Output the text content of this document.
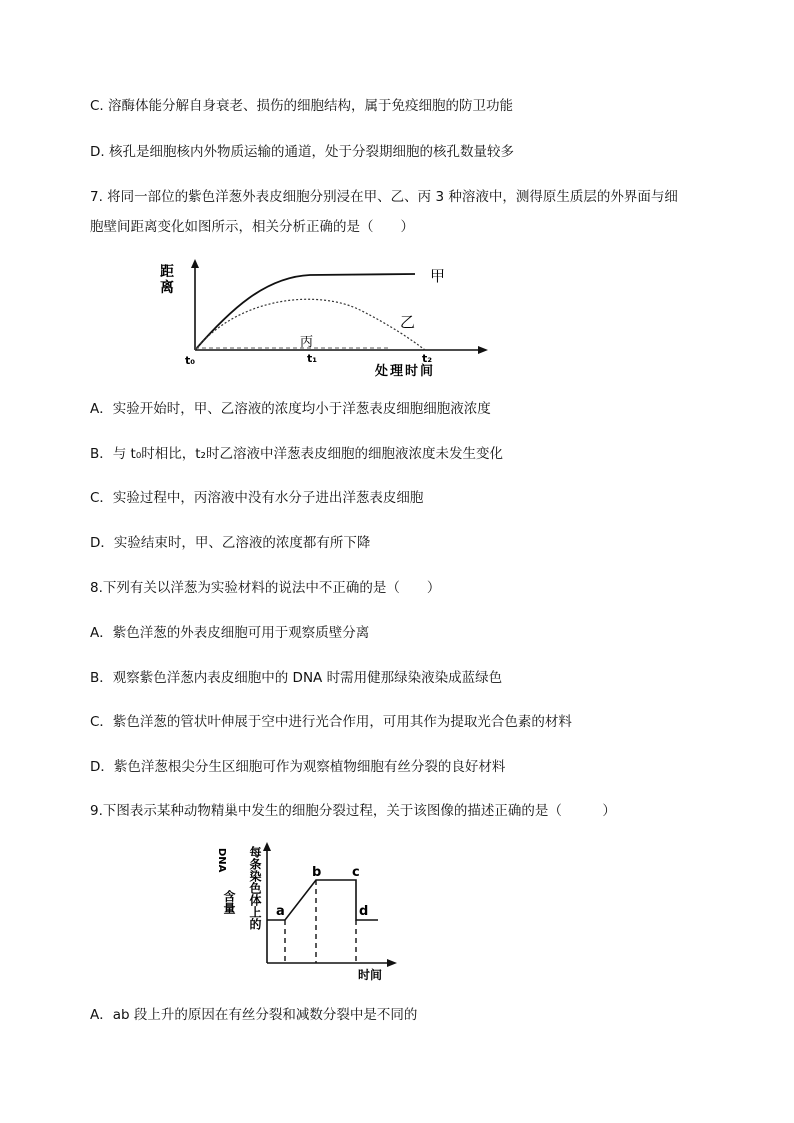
C. 溶酶体能分解自身衰老、损伤的细胞结构，属于免疫细胞的防卫功能
D. 核孔是细胞核内外物质运输的通道，处于分裂期细胞的核孔数量较多
7. 将同一部位的紫色洋葱外表皮细胞分别浸在甲、乙、丙 3 种溶液中，测得原生质层的外界面与细
胞壁间距离变化如图所示，相关分析正确的是（　　）
距
离
甲
乙
丙
t₀	t₁	t₂
处理时间
A．实验开始时，甲、乙溶液的浓度均小于洋葱表皮细胞细胞液浓度
B．与 t₀时相比，t₂时乙溶液中洋葱表皮细胞的细胞液浓度未发生变化
C．实验过程中，丙溶液中没有水分子进出洋葱表皮细胞
D．实验结束时，甲、乙溶液的浓度都有所下降
8.下列有关以洋葱为实验材料的说法中不正确的是（　　）
A．紫色洋葱的外表皮细胞可用于观察质壁分离
B．观察紫色洋葱内表皮细胞中的 DNA 时需用健那绿染液染成蓝绿色
C．紫色洋葱的管状叶伸展于空中进行光合作用，可用其作为提取光合色素的材料
D．紫色洋葱根尖分生区细胞可作为观察植物细胞有丝分裂的良好材料
9.下图表示某种动物精巢中发生的细胞分裂过程，关于该图像的描述正确的是（　　　）
DNA
含量 每条染色体上的 a
b c
d
时间
A．ab 段上升的原因在有丝分裂和减数分裂中是不同的
